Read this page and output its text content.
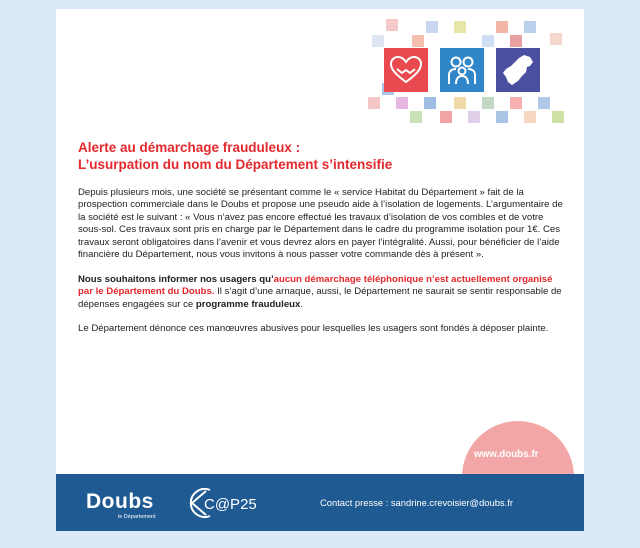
Alerte au démarchage frauduleux :
L’usurpation du nom du Département s’intensifie

Depuis plusieurs mois, une société se présentant comme le « service Habitat du Département » fait de la prospection commerciale dans le Doubs et propose une pseudo aide à l’isolation de logements. L’argumentaire de la société est le suivant : « Vous n’avez pas encore effectué les travaux d’isolation de vos combles et de votre sous-sol. Ces travaux sont pris en charge par le Département dans le cadre du programme isolation pour 1€. Ces travaux seront obligatoires dans l’avenir et vous devrez alors en payer l’intégralité. Aussi, pour bénéficier de l’aide financière du Département, nous vous invitons à nous passer votre commande dès à présent ».

Nous souhaitons informer nos usagers qu’aucun démarchage téléphonique n’est actuellement organisé par le Département du Doubs. Il s’agit d’une arnaque, aussi, le Département ne saurait se sentir responsable de dépenses engagées sur ce programme frauduleux.

Le Département dénonce ces manœuvres abusives pour lesquelles les usagers sont fondés à déposer plainte.

www.doubs.fr
Doubs
le Département
C@P25	Contact presse : sandrine.crevoisier@doubs.fr
